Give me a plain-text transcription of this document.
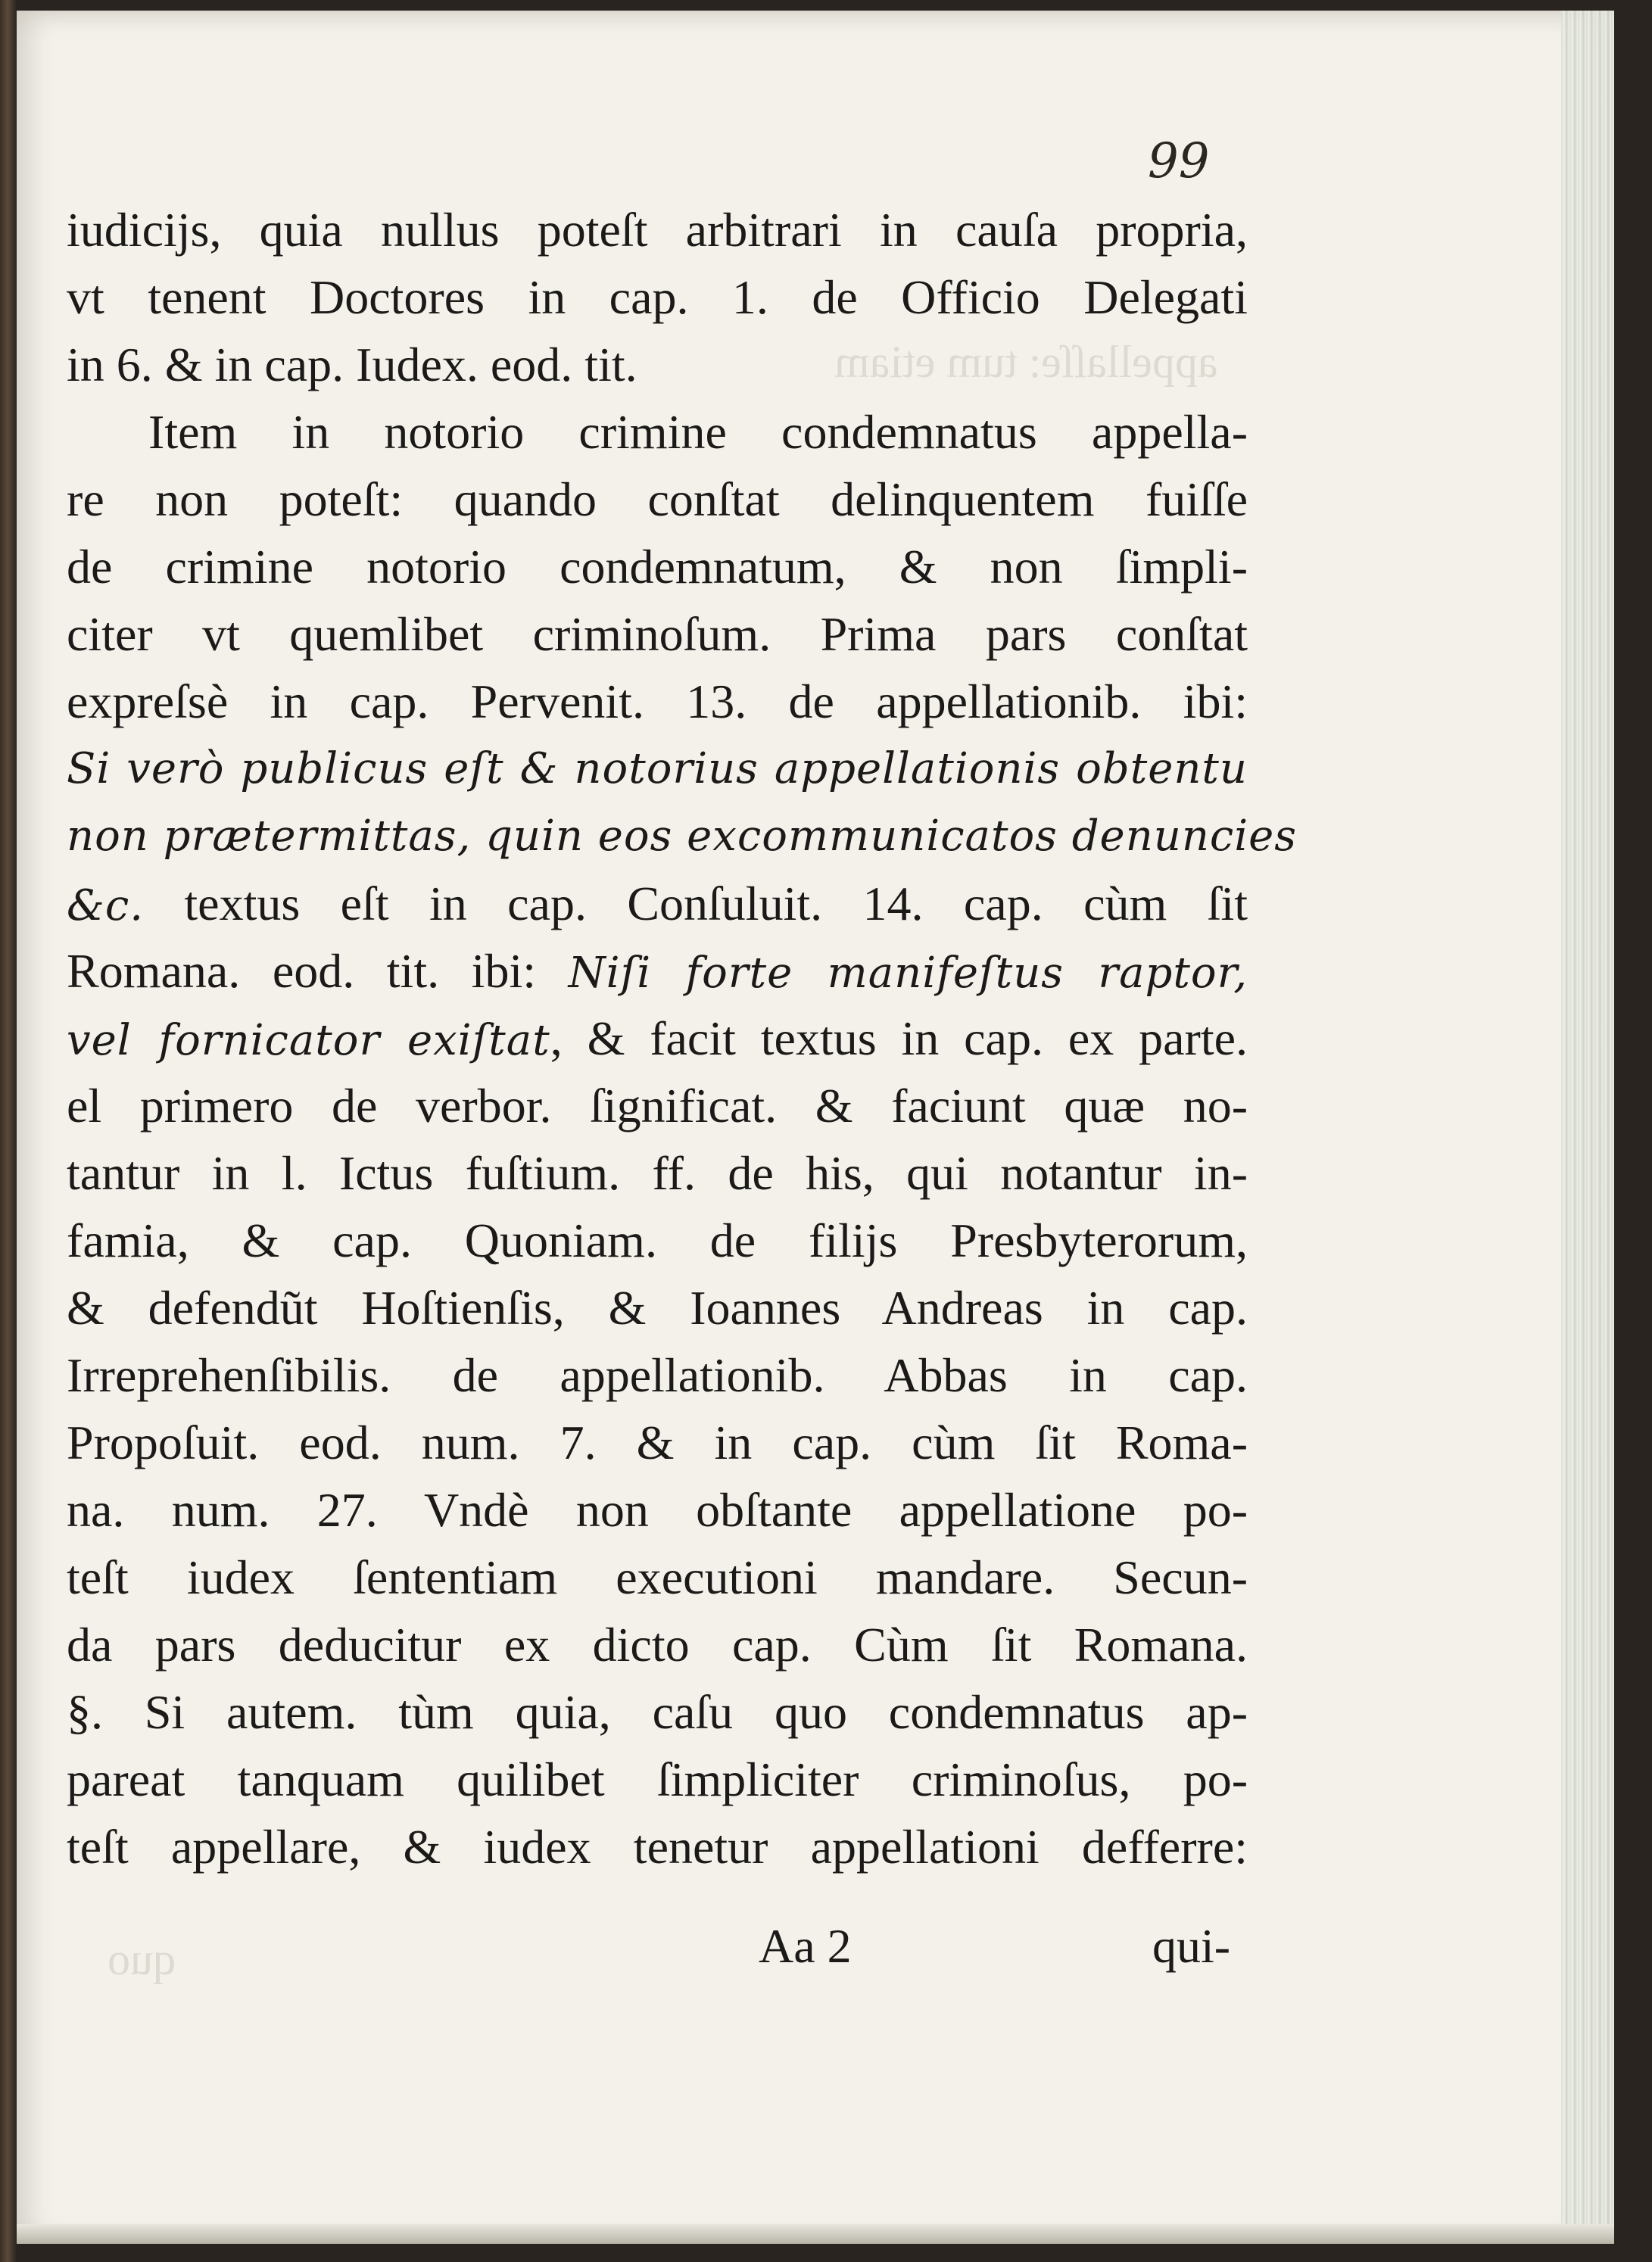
appellaſſe: tum etiam
quo

99

iudicijs, quia nullus poteſt arbitrari in cauſa propria,
vt tenent Doctores in cap. 1. de Officio Delegati
in 6. & in cap. Iudex. eod. tit.
Item in notorio crimine condemnatus appella-
re non poteſt: quando conſtat delinquentem fuiſſe
de crimine notorio condemnatum, & non ſimpli-
citer vt quemlibet criminoſum. Prima pars conſtat
expreſsè in cap. Pervenit. 13. de appellationib. ibi:
Si verò publicus eſt & notorius appellationis obtentu
non prætermittas, quin eos excommunicatos denuncies
&c. textus eſt in cap. Conſuluit. 14. cap. cùm ſit
Romana. eod. tit. ibi: Niſi forte manifeſtus raptor,
vel fornicator exiſtat, & facit textus in cap. ex parte.
el primero de verbor. ſignificat. & faciunt quæ no-
tantur in l. Ictus fuſtium. ff. de his, qui notantur in-
famia, & cap. Quoniam. de filijs Presbyterorum,
& defendũt Hoſtienſis, & Ioannes Andreas in cap.
Irreprehenſibilis. de appellationib. Abbas in cap.
Propoſuit. eod. num. 7. & in cap. cùm ſit Roma-
na. num. 27. Vndè non obſtante appellatione po-
teſt iudex ſententiam executioni mandare. Secun-
da pars deducitur ex dicto cap. Cùm ſit Romana.
§. Si autem. tùm quia, caſu quo condemnatus ap-
pareat tanquam quilibet ſimpliciter criminoſus, po-
teſt appellare, & iudex tenetur appellationi defferre:

Aa 2	qui-
